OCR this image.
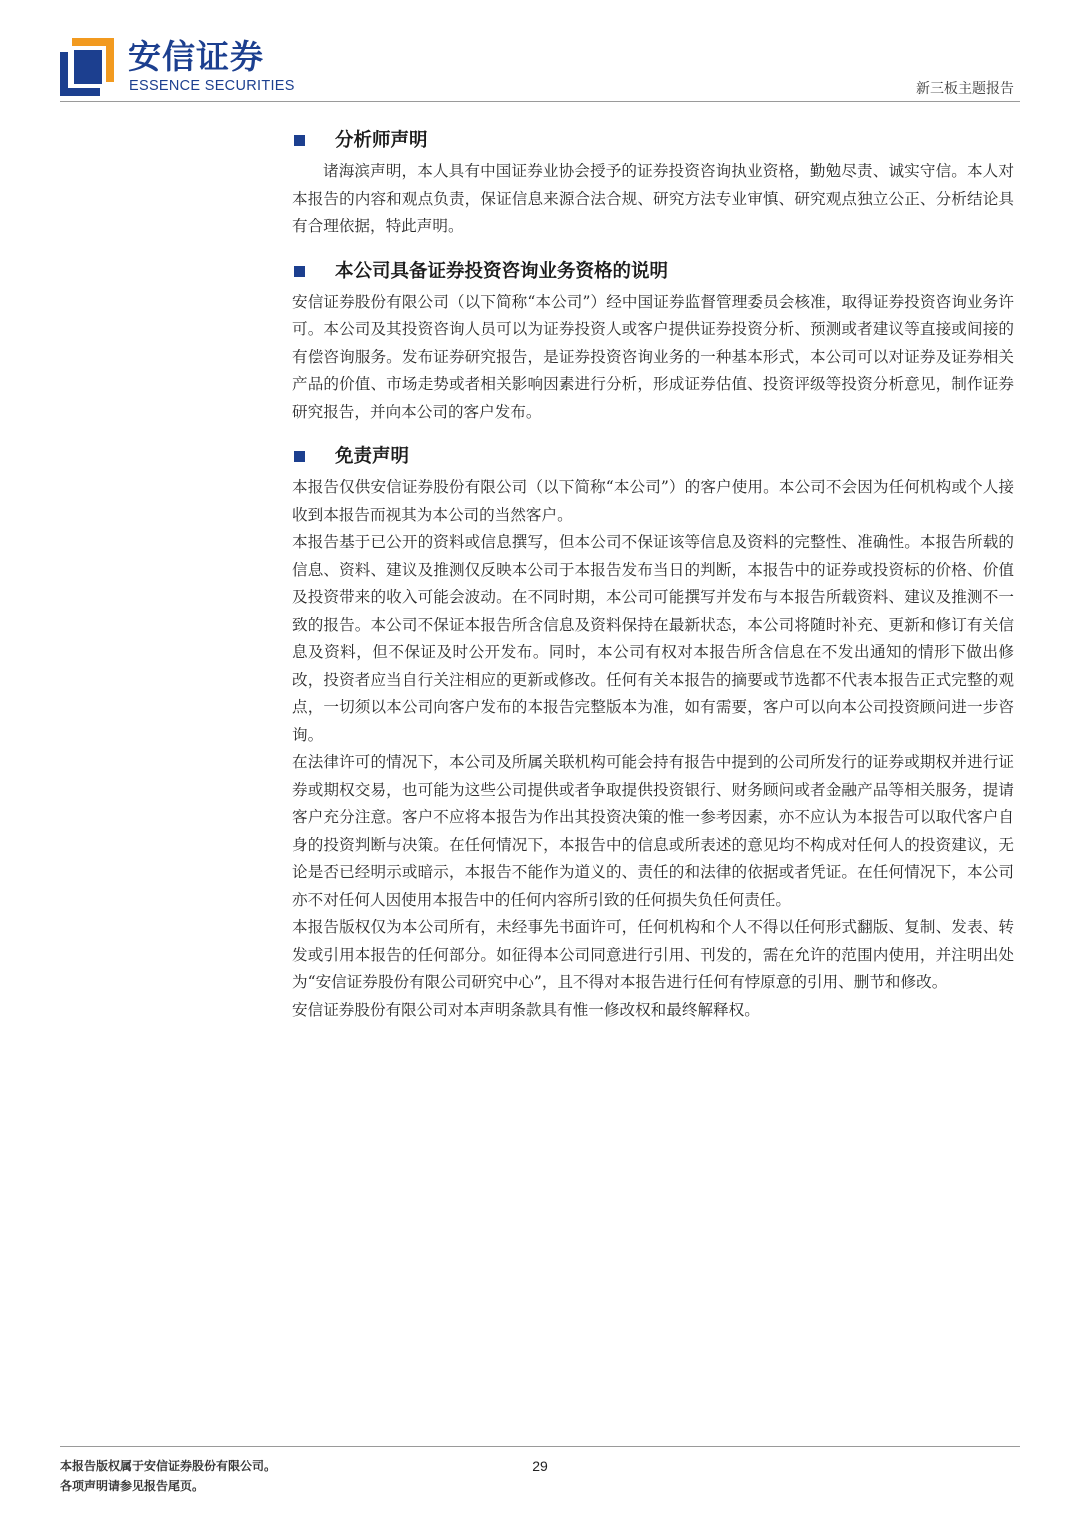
安信证券
ESSENCE SECURITIES	新三板主题报告
分析师声明

诸海滨声明，本人具有中国证券业协会授予的证券投资咨询执业资格，勤勉尽责、诚实守信。本人对本报告的内容和观点负责，保证信息来源合法合规、研究方法专业审慎、研究观点独立公正、分析结论具有合理依据，特此声明。

本公司具备证券投资咨询业务资格的说明

安信证券股份有限公司（以下简称“本公司”）经中国证券监督管理委员会核准，取得证券投资咨询业务许可。本公司及其投资咨询人员可以为证券投资人或客户提供证券投资分析、预测或者建议等直接或间接的有偿咨询服务。发布证券研究报告，是证券投资咨询业务的一种基本形式，本公司可以对证券及证券相关产品的价值、市场走势或者相关影响因素进行分析，形成证券估值、投资评级等投资分析意见，制作证券研究报告，并向本公司的客户发布。

免责声明

本报告仅供安信证券股份有限公司（以下简称“本公司”）的客户使用。本公司不会因为任何机构或个人接收到本报告而视其为本公司的当然客户。

本报告基于已公开的资料或信息撰写，但本公司不保证该等信息及资料的完整性、准确性。本报告所载的信息、资料、建议及推测仅反映本公司于本报告发布当日的判断，本报告中的证券或投资标的价格、价值及投资带来的收入可能会波动。在不同时期，本公司可能撰写并发布与本报告所载资料、建议及推测不一致的报告。本公司不保证本报告所含信息及资料保持在最新状态，本公司将随时补充、更新和修订有关信息及资料，但不保证及时公开发布。同时，本公司有权对本报告所含信息在不发出通知的情形下做出修改，投资者应当自行关注相应的更新或修改。任何有关本报告的摘要或节选都不代表本报告正式完整的观点，一切须以本公司向客户发布的本报告完整版本为准，如有需要，客户可以向本公司投资顾问进一步咨询。

在法律许可的情况下，本公司及所属关联机构可能会持有报告中提到的公司所发行的证券或期权并进行证券或期权交易，也可能为这些公司提供或者争取提供投资银行、财务顾问或者金融产品等相关服务，提请客户充分注意。客户不应将本报告为作出其投资决策的惟一参考因素，亦不应认为本报告可以取代客户自身的投资判断与决策。在任何情况下，本报告中的信息或所表述的意见均不构成对任何人的投资建议，无论是否已经明示或暗示，本报告不能作为道义的、责任的和法律的依据或者凭证。在任何情况下，本公司亦不对任何人因使用本报告中的任何内容所引致的任何损失负任何责任。

本报告版权仅为本公司所有，未经事先书面许可，任何机构和个人不得以任何形式翻版、复制、发表、转发或引用本报告的任何部分。如征得本公司同意进行引用、刊发的，需在允许的范围内使用，并注明出处为“安信证券股份有限公司研究中心”，且不得对本报告进行任何有悖原意的引用、删节和修改。

安信证券股份有限公司对本声明条款具有惟一修改权和最终解释权。

本报告版权属于安信证券股份有限公司。
各项声明请参见报告尾页。
29
